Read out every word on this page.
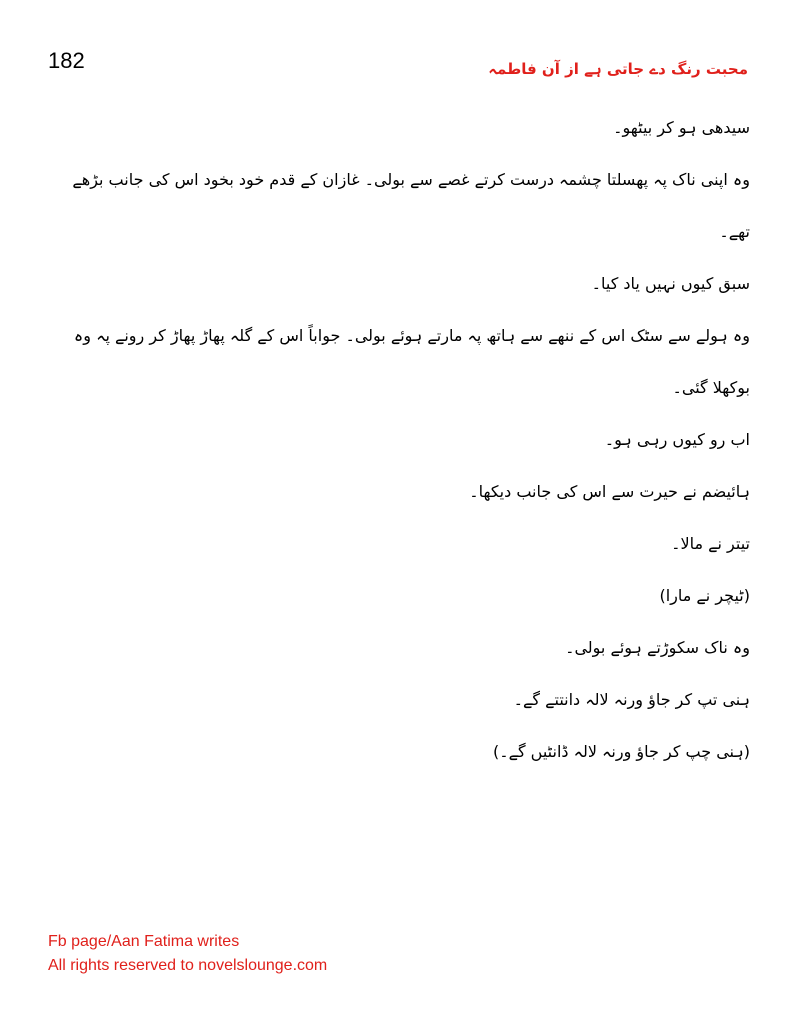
182	محبت رنگ دے جاتی ہے از آن فاطمہ

سیدھی ہو کر بیٹھو۔

وہ اپنی ناک پہ پھسلتا چشمہ درست کرتے غصے سے بولی۔ غازان کے قدم خود بخود اس کی جانب بڑھے تھے۔

سبق کیوں نہیں یاد کیا۔

وہ ہولے سے سٹک اس کے ننھے سے ہاتھ پہ مارتے ہوئے بولی۔ جواباً اس کے گلہ پھاڑ پھاڑ کر رونے پہ وہ بوکھلا گئی۔

اب رو کیوں رہی ہو۔

ہائیضم نے حیرت سے اس کی جانب دیکھا۔

تیتر نے مالا۔

(ٹیچر نے مارا)

وہ ناک سکوڑتے ہوئے بولی۔

ہنی تپ کر جاؤ ورنہ لالہ دانتتے گے۔

(ہنی چپ کر جاؤ ورنہ لالہ ڈانٹیں گے۔)

Fb page/Aan Fatima writes
All rights reserved to novelslounge.com
